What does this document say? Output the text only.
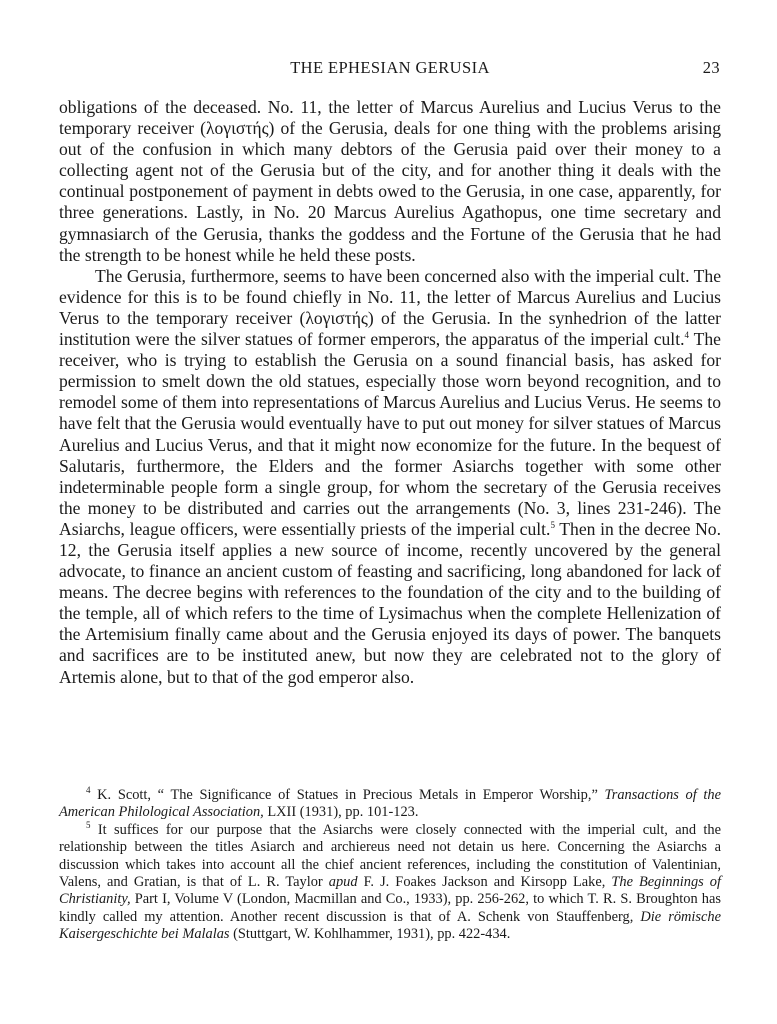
THE EPHESIAN GERUSIA	23

obligations of the deceased. No. 11, the letter of Marcus Aurelius and Lucius Verus to the temporary receiver (λογιστής) of the Gerusia, deals for one thing with the problems arising out of the confusion in which many debtors of the Gerusia paid over their money to a collecting agent not of the Gerusia but of the city, and for another thing it deals with the continual postponement of payment in debts owed to the Gerusia, in one case, apparently, for three generations. Lastly, in No. 20 Marcus Aurelius Agathopus, one time secretary and gymnasiarch of the Gerusia, thanks the goddess and the Fortune of the Gerusia that he had the strength to be honest while he held these posts.

The Gerusia, furthermore, seems to have been concerned also with the imperial cult. The evidence for this is to be found chiefly in No. 11, the letter of Marcus Aurelius and Lucius Verus to the temporary receiver (λογιστής) of the Gerusia. In the synhedrion of the latter institution were the silver statues of former emperors, the apparatus of the imperial cult.$^4$ The receiver, who is trying to establish the Gerusia on a sound financial basis, has asked for permission to smelt down the old statues, especially those worn beyond recognition, and to remodel some of them into representations of Marcus Aurelius and Lucius Verus. He seems to have felt that the Gerusia would eventually have to put out money for silver statues of Marcus Aurelius and Lucius Verus, and that it might now economize for the future. In the bequest of Salutaris, furthermore, the Elders and the former Asiarchs together with some other indeterminable people form a single group, for whom the secretary of the Gerusia receives the money to be distributed and carries out the arrangements (No. 3, lines 231-246). The Asiarchs, league officers, were essentially priests of the imperial cult.$^5$ Then in the decree No. 12, the Gerusia itself applies a new source of income, recently uncovered by the general advocate, to finance an ancient custom of feasting and sacrificing, long abandoned for lack of means. The decree begins with references to the foundation of the city and to the building of the temple, all of which refers to the time of Lysimachus when the complete Hellenization of the Artemisium finally came about and the Gerusia enjoyed its days of power. The banquets and sacrifices are to be instituted anew, but now they are celebrated not to the glory of Artemis alone, but to that of the god emperor also.

$^4$ K. Scott, “ The Significance of Statues in Precious Metals in Emperor Worship,” Transactions of the American Philological Association, LXII (1931), pp. 101-123.

$^5$ It suffices for our purpose that the Asiarchs were closely connected with the imperial cult, and the relationship between the titles Asiarch and archiereus need not detain us here. Concerning the Asiarchs a discussion which takes into account all the chief ancient references, including the constitution of Valentinian, Valens, and Gratian, is that of L. R. Taylor apud F. J. Foakes Jackson and Kirsopp Lake, The Beginnings of Christianity, Part I, Volume V (London, Macmillan and Co., 1933), pp. 256-262, to which T. R. S. Broughton has kindly called my attention. Another recent discussion is that of A. Schenk von Stauffenberg, Die römische Kaisergeschichte bei Malalas (Stuttgart, W. Kohlhammer, 1931), pp. 422-434.
